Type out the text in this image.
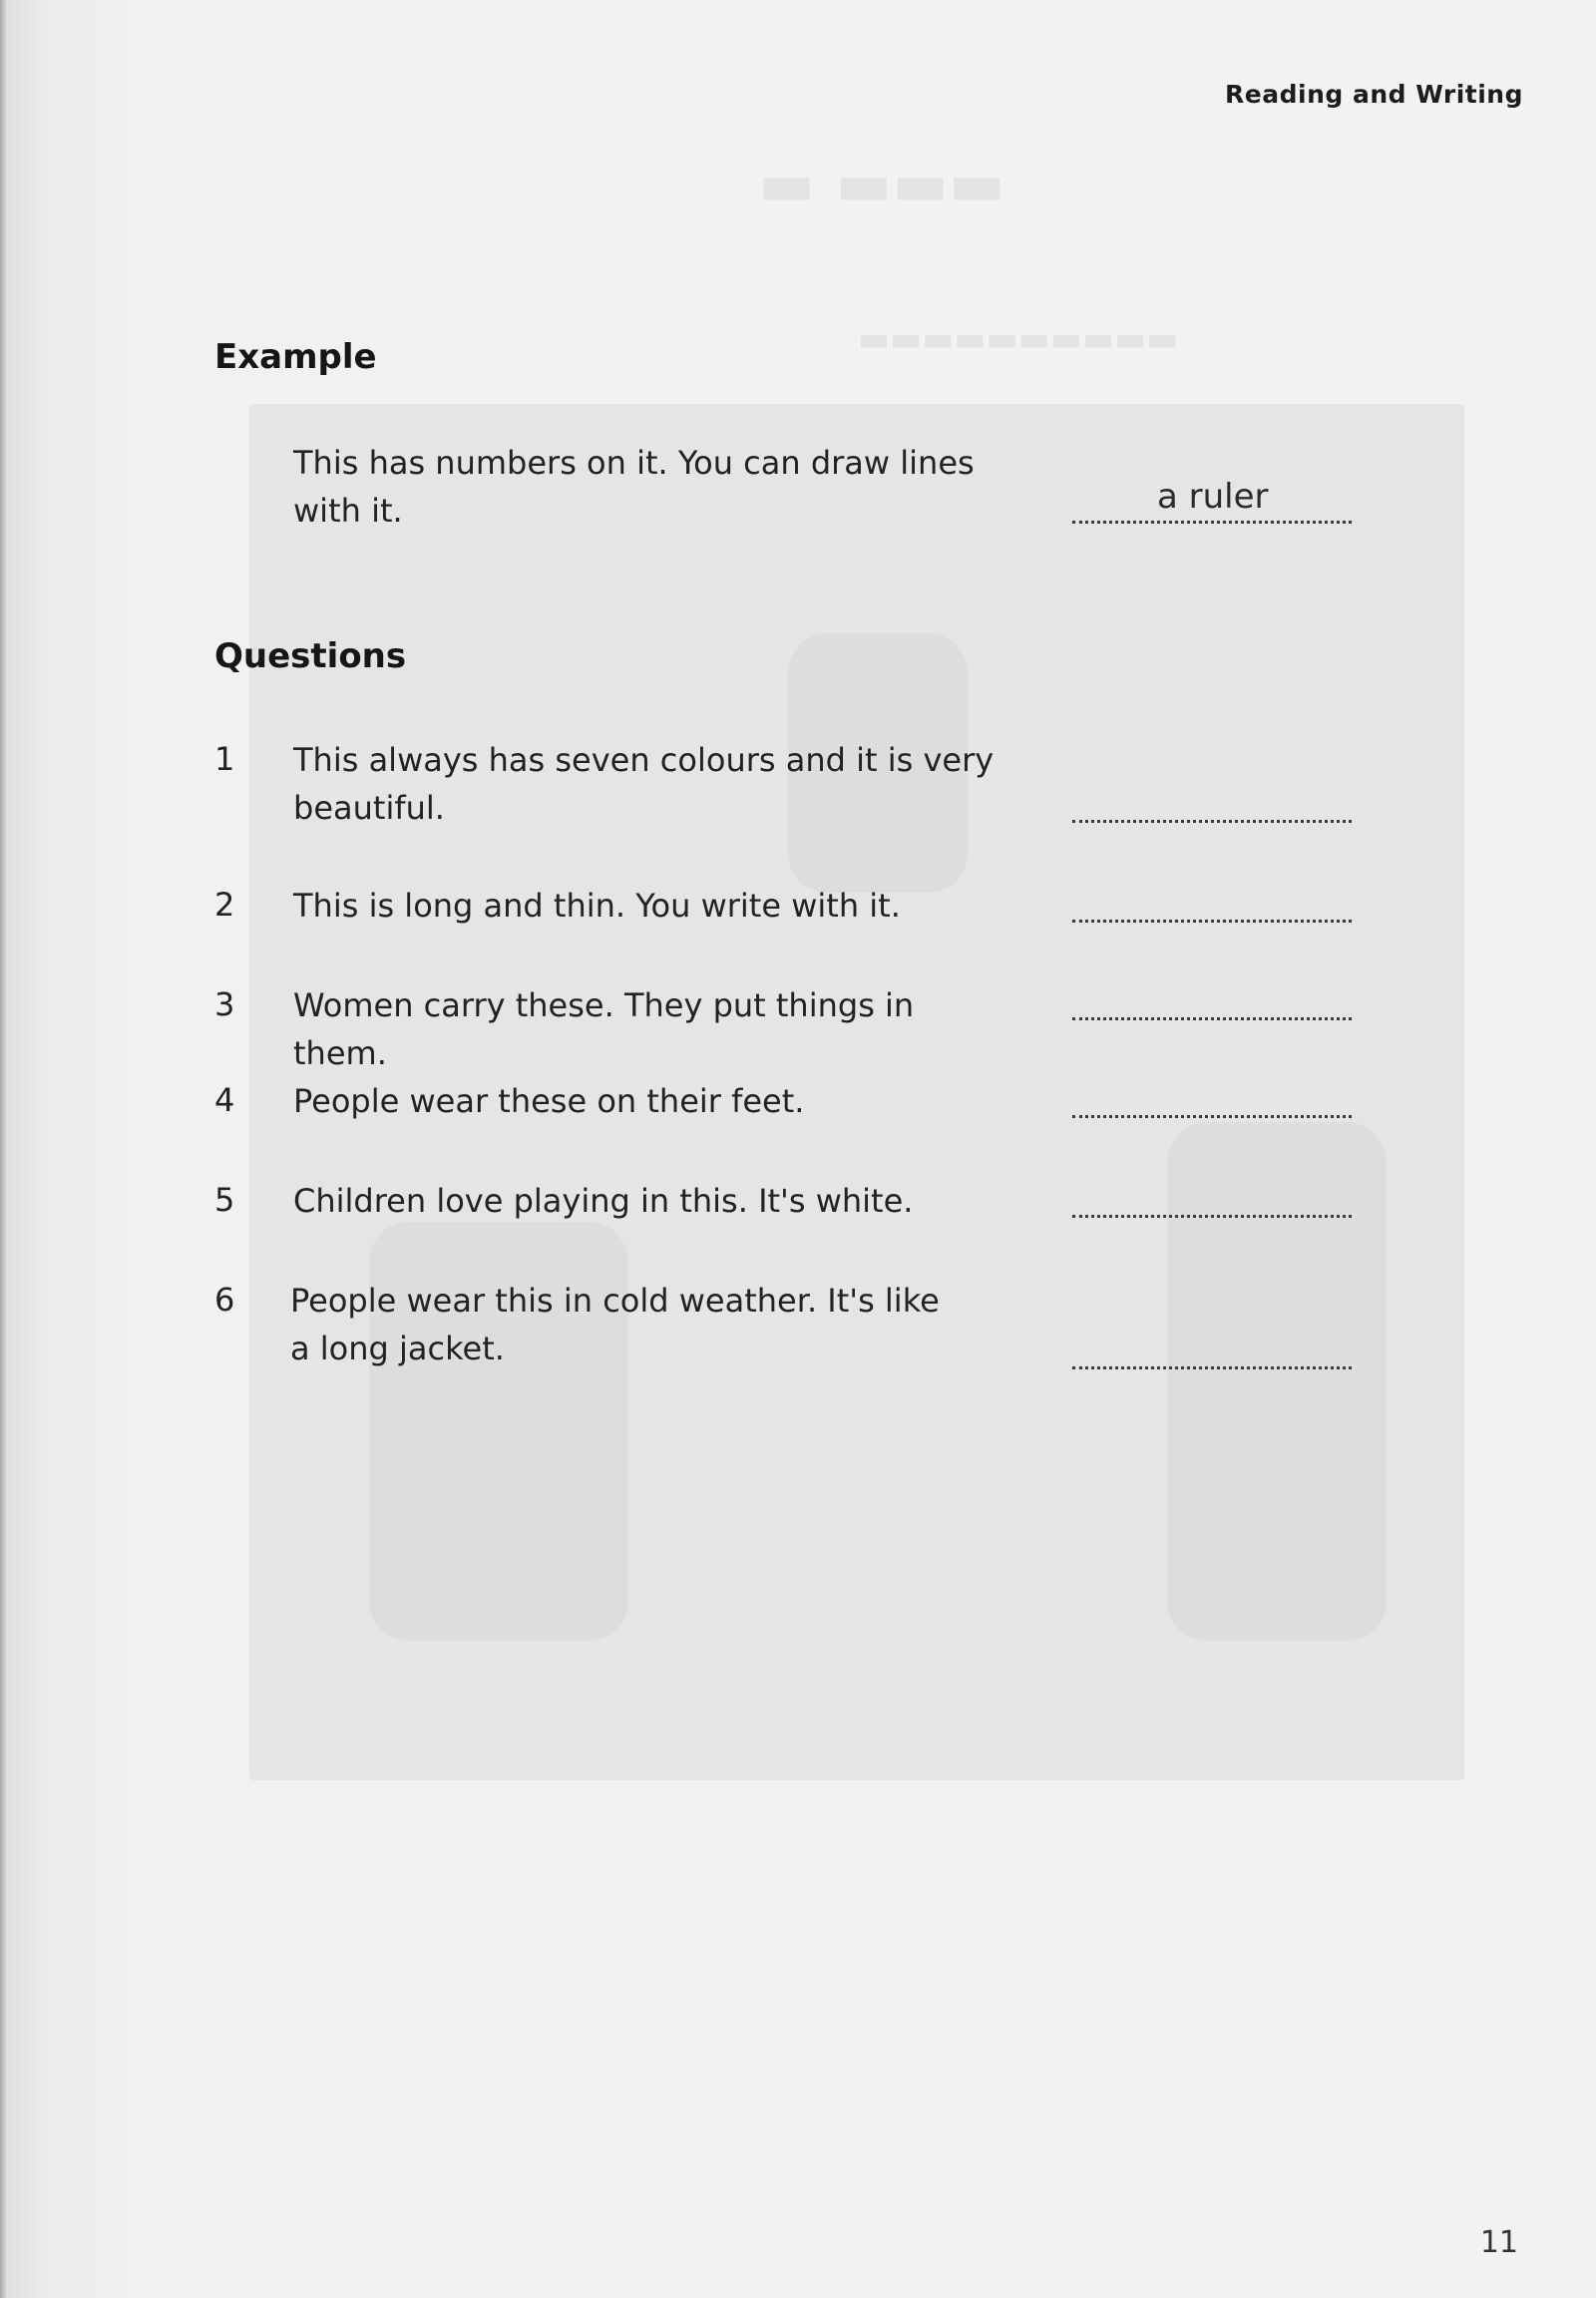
▬▬▬ ▬
▬▬▬▬▬▬▬▬▬▬
Reading and Writing
Example
This has numbers on it. You can draw lines
with it.	a ruler
Questions
1 This always has seven colours and it is very
beautiful.
2 This is long and thin. You write with it.
3 Women carry these. They put things in them.
4 People wear these on their feet.
5 Children love playing in this. It's white.
6 People wear this in cold weather. It's like
a long jacket.
11
